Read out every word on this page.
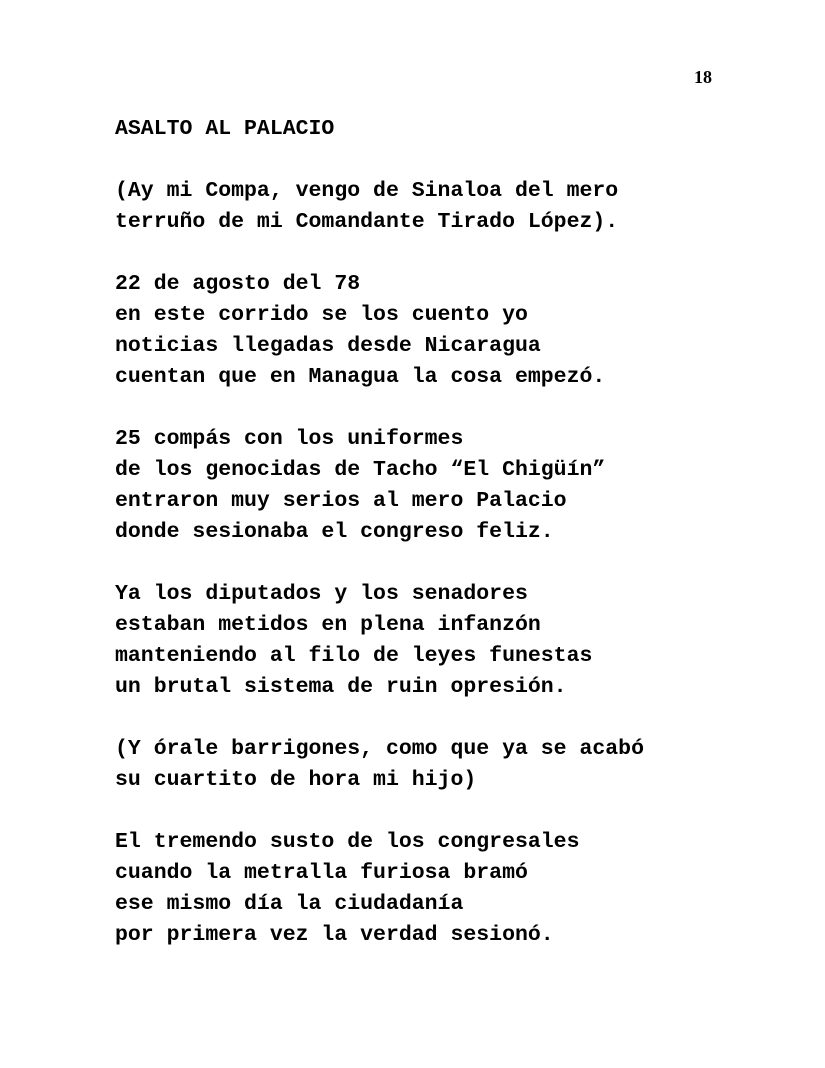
18
ASALTO AL PALACIO
(Ay mi Compa, vengo de Sinaloa del mero
terruño de mi Comandante Tirado López).
22 de agosto del 78
en este corrido se los cuento yo
noticias llegadas desde Nicaragua
cuentan que en Managua la cosa empezó.
25 compás con los uniformes
de los genocidas de Tacho “El Chigüín”
entraron muy serios al mero Palacio
donde sesionaba el congreso feliz.
Ya los diputados y los senadores
estaban metidos en plena infanzón
manteniendo al filo de leyes funestas
un brutal sistema de ruin opresión.
(Y órale barrigones, como que ya se acabó
su cuartito de hora mi hijo)
El tremendo susto de los congresales
cuando la metralla furiosa bramó
ese mismo día la ciudadanía
por primera vez la verdad sesionó.
